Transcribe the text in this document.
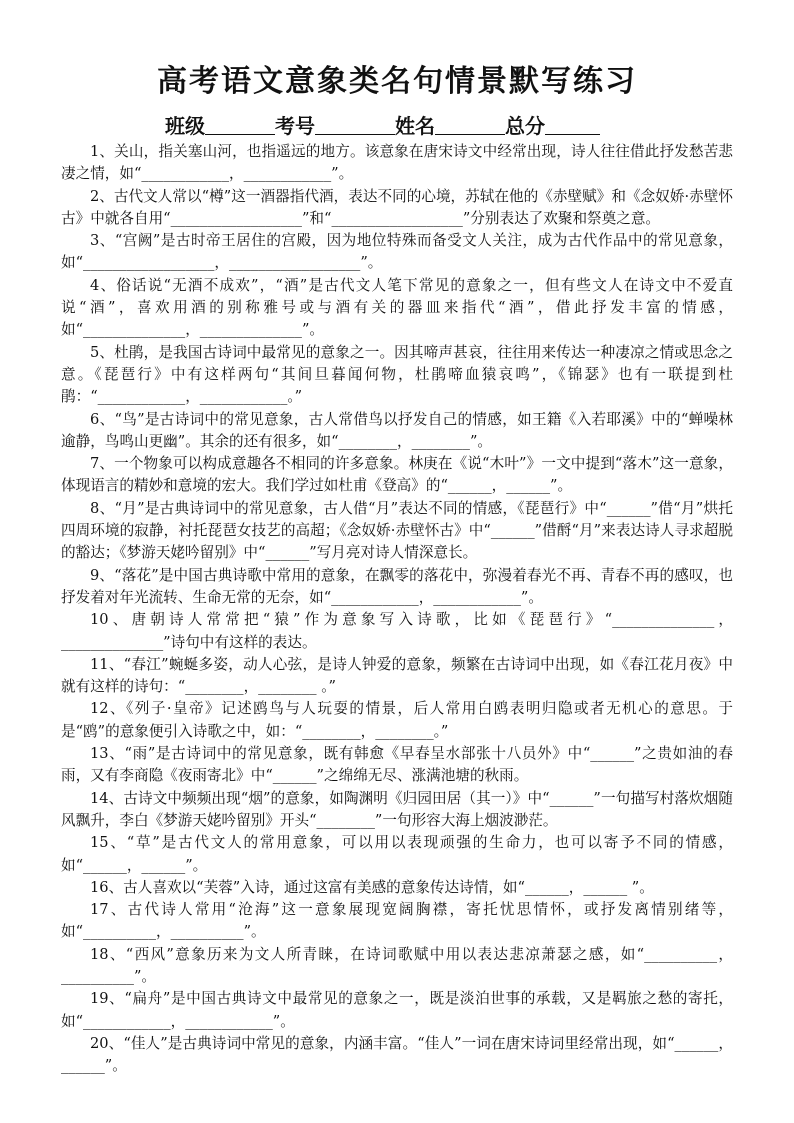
高考语文意象类名句情景默写练习
班级	考号	姓名	总分

1、关山，指关塞山河，也指遥远的地方。该意象在唐宋诗文中经常出现，诗人往往借此抒发愁苦悲凄之情，如“____________，____________”。

2、古代文人常以“樽”这一酒器指代酒，表达不同的心境，苏轼在他的《赤壁赋》和《念奴娇·赤壁怀古》中就各自用“__________________”和“__________________”分别表达了欢聚和祭奠之意。

3、“宫阙”是古时帝王居住的宫殿，因为地位特殊而备受文人关注，成为古代作品中的常见意象，如“__________________，__________________”。

4、俗话说“无酒不成欢”，“酒”是古代文人笔下常见的意象之一，但有些文人在诗文中不爱直说“酒”，喜欢用酒的别称雅号或与酒有关的器皿来指代“酒”，借此抒发丰富的情感，如“______________，______________”。

5、杜鹃，是我国古诗词中最常见的意象之一。因其啼声甚哀，往往用来传达一种凄凉之情或思念之意。《琵琶行》中有这样两句“其间旦暮闻何物，杜鹃啼血猿哀鸣”，《锦瑟》也有一联提到杜鹃：“____________，____________。”

6、“鸟”是古诗词中的常见意象，古人常借鸟以抒发自己的情感，如王籍《入若耶溪》中的“蝉噪林逾静，鸟鸣山更幽”。其余的还有很多，如“________，________”。

7、一个物象可以构成意趣各不相同的许多意象。林庚在《说“木叶”》一文中提到“落木”这一意象，体现语言的精妙和意境的宏大。我们学过如杜甫《登高》的“______，______”。

8、“月”是古典诗词中的常见意象，古人借“月”表达不同的情感，《琵琶行》中“______”借“月”烘托四周环境的寂静，衬托琵琶女技艺的高超；《念奴娇·赤壁怀古》中“______”借酹“月”来表达诗人寻求超脱的豁达；《梦游天姥吟留别》中“______”写月亮对诗人情深意长。

9、“落花”是中国古典诗歌中常用的意象，在飘零的落花中，弥漫着春光不再、青春不再的感叹，也抒发着对年光流转、生命无常的无奈，如“____________，____________”。

10、唐朝诗人常常把“猿”作为意象写入诗歌，比如《琵琶行》“______________，______________”诗句中有这样的表达。

11、“春江”蜿蜒多姿，动人心弦，是诗人钟爱的意象，频繁在古诗词中出现，如《春江花月夜》中就有这样的诗句：“________，________ 。”

12、《列子·皇帝》记述鸥鸟与人玩耍的情景，后人常用白鸥表明归隐或者无机心的意思。于是“鸥”的意象便引入诗歌之中，如：“________，________。”

13、“雨”是古诗词中的常见意象，既有韩愈《早春呈水部张十八员外》中“______”之贵如油的春雨，又有李商隐《夜雨寄北》中“______”之绵绵无尽、涨满池塘的秋雨。

14、古诗文中频频出现“烟”的意象，如陶渊明《归园田居（其一）》中“______”一句描写村落炊烟随风飘升，李白《梦游天姥吟留别》开头“________”一句形容大海上烟波渺茫。

15、“草”是古代文人的常用意象，可以用以表现顽强的生命力，也可以寄予不同的情感，如“______，______”。

16、古人喜欢以“芙蓉”入诗，通过这富有美感的意象传达诗情，如“______，______ ”。

17、古代诗人常用“沧海”这一意象展现宽阔胸襟，寄托忧思情怀，或抒发离情别绪等，如“__________，__________”。

18、“西风”意象历来为文人所青睐，在诗词歌赋中用以表达悲凉萧瑟之感，如“__________，__________”。

19、“扁舟”是中国古典诗文中最常见的意象之一，既是淡泊世事的承载，又是羁旅之愁的寄托，如“____________，____________”。

20、“佳人”是古典诗词中常见的意象，内涵丰富。“佳人”一词在唐宋诗词里经常出现，如“______，______”。
